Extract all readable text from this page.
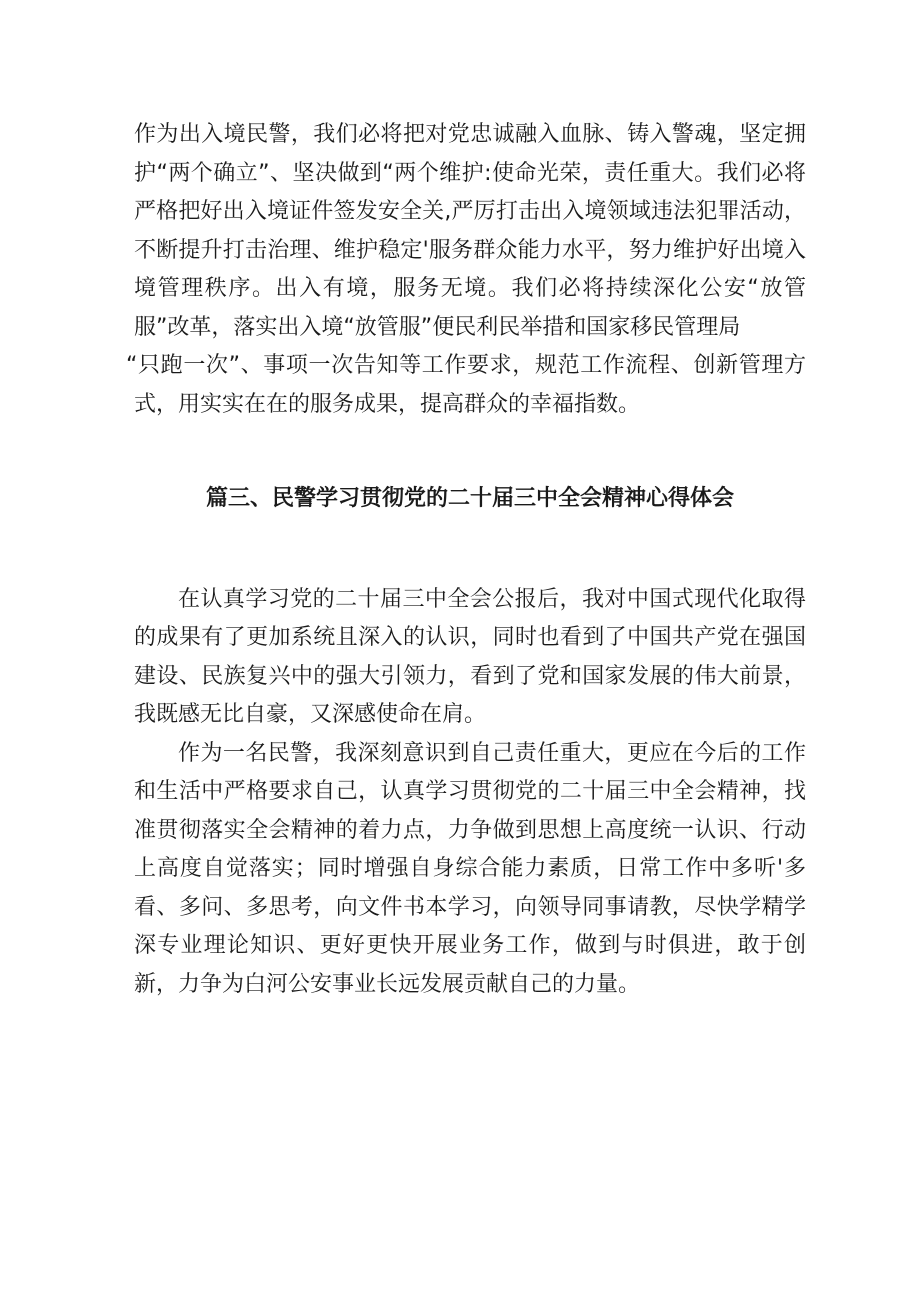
作为出入境民警，我们必将把对党忠诚融入血脉、铸入警魂，坚定拥护“两个确立”、坚决做到“两个维护:使命光荣，责任重大。我们必将严格把好出入境证件签发安全关,严厉打击出入境领域违法犯罪活动，不断提升打击治理、维护稳定'服务群众能力水平，努力维护好出境入境管理秩序。出入有境，服务无境。我们必将持续深化公安“放管服”改革，落实出入境“放管服”便民利民举措和国家移民管理局

“只跑一次”、事项一次告知等工作要求，规范工作流程、创新管理方式，用实实在在的服务成果，提高群众的幸福指数。

篇三、民警学习贯彻党的二十届三中全会精神心得体会

在认真学习党的二十届三中全会公报后，我对中国式现代化取得的成果有了更加系统且深入的认识，同时也看到了中国共产党在强国建设、民族复兴中的强大引领力，看到了党和国家发展的伟大前景，我既感无比自豪，又深感使命在肩。

作为一名民警，我深刻意识到自己责任重大，更应在今后的工作和生活中严格要求自己，认真学习贯彻党的二十届三中全会精神，找准贯彻落实全会精神的着力点，力争做到思想上高度统一认识、行动上高度自觉落实；同时增强自身综合能力素质，日常工作中多听'多看、多问、多思考，向文件书本学习，向领导同事请教，尽快学精学深专业理论知识、更好更快开展业务工作，做到与时俱进，敢于创新，力争为白河公安事业长远发展贡献自己的力量。
